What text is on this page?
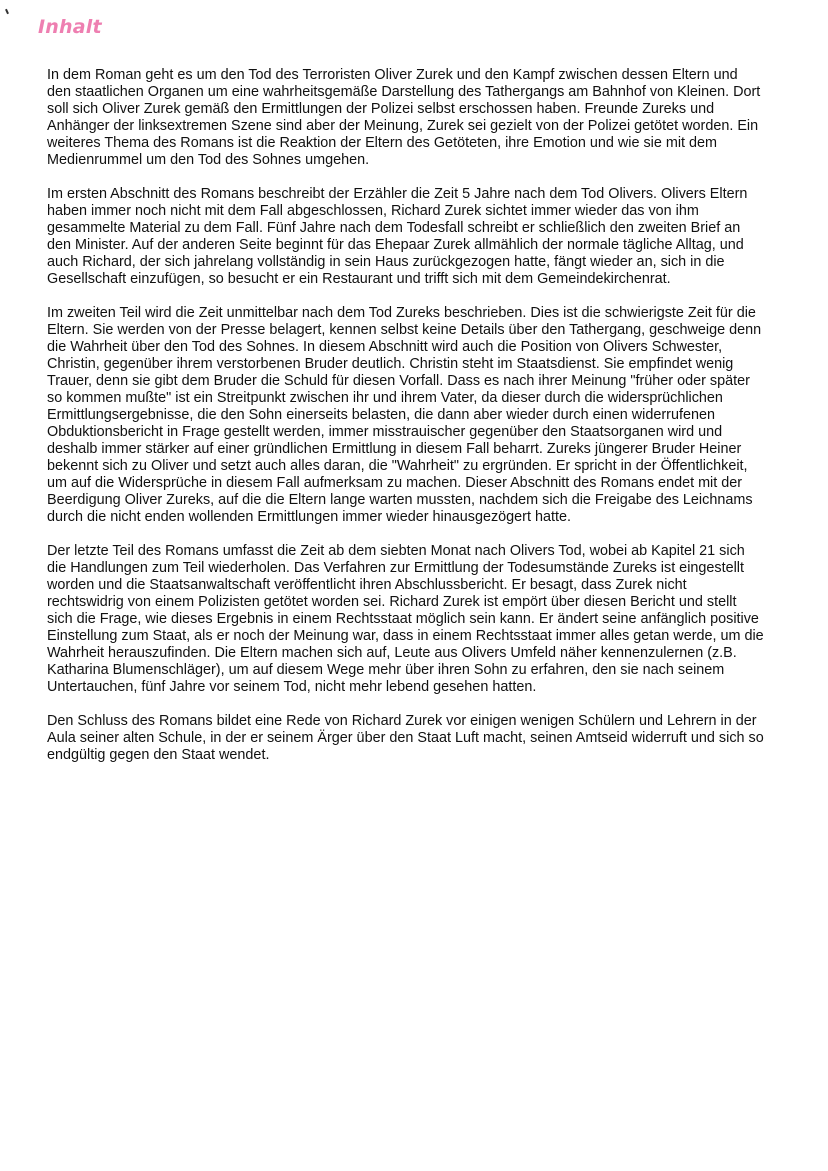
Inhalt

In dem Roman geht es um den Tod des Terroristen Oliver Zurek und den Kampf zwischen dessen Eltern und den staatlichen Organen um eine wahrheitsgemäße Darstellung des Tathergangs am Bahnhof von Kleinen. Dort soll sich Oliver Zurek gemäß den Ermittlungen der Polizei selbst erschossen haben. Freunde Zureks und Anhänger der linksextremen Szene sind aber der Meinung, Zurek sei gezielt von der Polizei getötet worden. Ein weiteres Thema des Romans ist die Reaktion der Eltern des Getöteten, ihre Emotion und wie sie mit dem Medienrummel um den Tod des Sohnes umgehen.

Im ersten Abschnitt des Romans beschreibt der Erzähler die Zeit 5 Jahre nach dem Tod Olivers. Olivers Eltern haben immer noch nicht mit dem Fall abgeschlossen, Richard Zurek sichtet immer wieder das von ihm gesammelte Material zu dem Fall. Fünf Jahre nach dem Todesfall schreibt er schließlich den zweiten Brief an den Minister. Auf der anderen Seite beginnt für das Ehepaar Zurek allmählich der normale tägliche Alltag, und auch Richard, der sich jahrelang vollständig in sein Haus zurückgezogen hatte, fängt wieder an, sich in die Gesellschaft einzufügen, so besucht er ein Restaurant und trifft sich mit dem Gemeindekirchenrat.

Im zweiten Teil wird die Zeit unmittelbar nach dem Tod Zureks beschrieben. Dies ist die schwierigste Zeit für die Eltern. Sie werden von der Presse belagert, kennen selbst keine Details über den Tathergang, geschweige denn die Wahrheit über den Tod des Sohnes. In diesem Abschnitt wird auch die Position von Olivers Schwester, Christin, gegenüber ihrem verstorbenen Bruder deutlich. Christin steht im Staatsdienst. Sie empfindet wenig Trauer, denn sie gibt dem Bruder die Schuld für diesen Vorfall. Dass es nach ihrer Meinung "früher oder später so kommen mußte" ist ein Streitpunkt zwischen ihr und ihrem Vater, da dieser durch die widersprüchlichen Ermittlungsergebnisse, die den Sohn einerseits belasten, die dann aber wieder durch einen widerrufenen Obduktionsbericht in Frage gestellt werden, immer misstrauischer gegenüber den Staatsorganen wird und deshalb immer stärker auf einer gründlichen Ermittlung in diesem Fall beharrt. Zureks jüngerer Bruder Heiner bekennt sich zu Oliver und setzt auch alles daran, die "Wahrheit" zu ergründen. Er spricht in der Öffentlichkeit, um auf die Widersprüche in diesem Fall aufmerksam zu machen. Dieser Abschnitt des Romans endet mit der Beerdigung Oliver Zureks, auf die die Eltern lange warten mussten, nachdem sich die Freigabe des Leichnams durch die nicht enden wollenden Ermittlungen immer wieder hinausgezögert hatte.

Der letzte Teil des Romans umfasst die Zeit ab dem siebten Monat nach Olivers Tod, wobei ab Kapitel 21 sich die Handlungen zum Teil wiederholen. Das Verfahren zur Ermittlung der Todesumstände Zureks ist eingestellt worden und die Staatsanwaltschaft veröffentlicht ihren Abschlussbericht. Er besagt, dass Zurek nicht rechtswidrig von einem Polizisten getötet worden sei. Richard Zurek ist empört über diesen Bericht und stellt sich die Frage, wie dieses Ergebnis in einem Rechtsstaat möglich sein kann. Er ändert seine anfänglich positive Einstellung zum Staat, als er noch der Meinung war, dass in einem Rechtsstaat immer alles getan werde, um die Wahrheit herauszufinden. Die Eltern machen sich auf, Leute aus Olivers Umfeld näher kennenzulernen (z.B. Katharina Blumenschläger), um auf diesem Wege mehr über ihren Sohn zu erfahren, den sie nach seinem Untertauchen, fünf Jahre vor seinem Tod, nicht mehr lebend gesehen hatten.

Den Schluss des Romans bildet eine Rede von Richard Zurek vor einigen wenigen Schülern und Lehrern in der Aula seiner alten Schule, in der er seinem Ärger über den Staat Luft macht, seinen Amtseid widerruft und sich so endgültig gegen den Staat wendet.
